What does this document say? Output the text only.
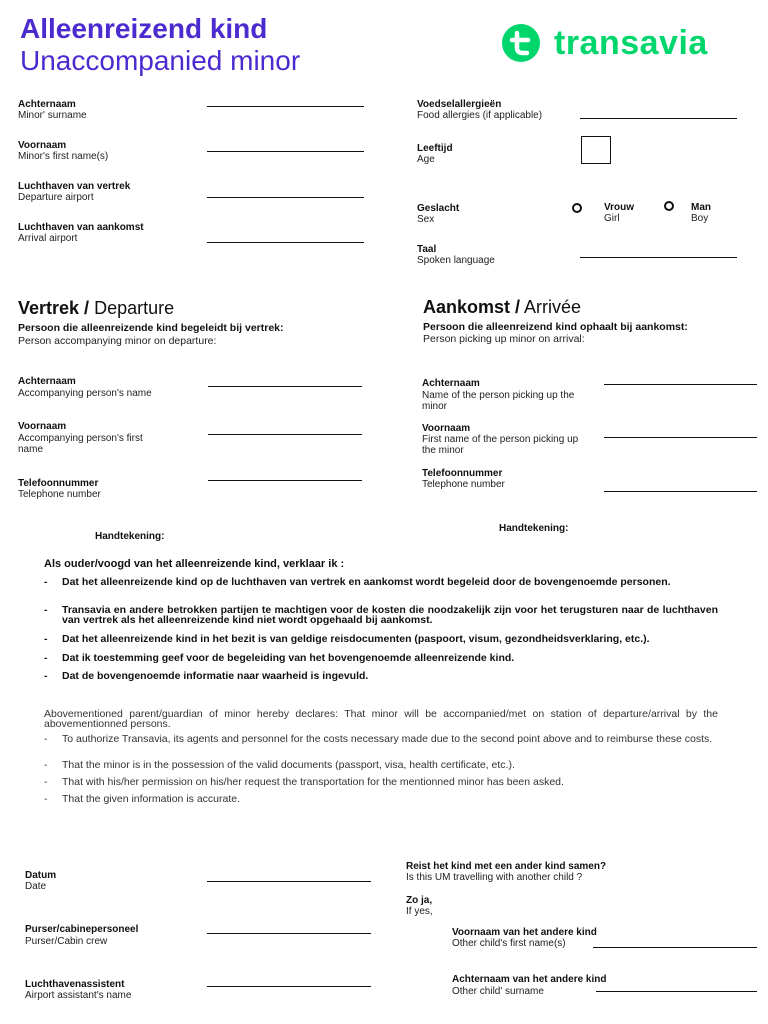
Alleenreizend kind
Unaccompanied minor	transavia
Achternaam
Minor' surname
Voornaam
Minor's first name(s)
Luchthaven van vertrek
Departure airport
Luchthaven van aankomst
Arrival airport
Voedselallergieën
Food allergies (if applicable)
Leeftijd
Age
Geslacht
Sex
Vrouw
Girl
Man
Boy
Taal
Spoken language
Vertrek / Departure
Persoon die alleenreizende kind begeleidt bij vertrek:
Person accompanying minor on departure:
Achternaam
Accompanying person's name
Voornaam
Accompanying person's first name
Telefoonnummer
Telephone number
Handtekening:
Aankomst / Arrivée
Persoon die alleenreizend kind ophaalt bij aankomst:
Person picking up minor on arrival:
Achternaam
Name of the person picking up the minor
Voornaam
First name of the person picking up the minor
Telefoonnummer
Telephone number
Handtekening:
Als ouder/voogd van het alleenreizende kind, verklaar ik :
- Dat het alleenreizende kind op de luchthaven van vertrek en aankomst wordt begeleid door de bovengenoemde personen.
- Transavia en andere betrokken partijen te machtigen voor de kosten die noodzakelijk zijn voor het terugsturen naar de luchthaven van vertrek als het alleenreizende kind niet wordt opgehaald bij aankomst.
- Dat het alleenreizende kind in het bezit is van geldige reisdocumenten (paspoort, visum, gezondheidsverklaring, etc.).
- Dat ik toestemming geef voor de begeleiding van het bovengenoemde alleenreizende kind.
- Dat de bovengenoemde informatie naar waarheid is ingevuld.
Abovementioned parent/guardian of minor hereby declares: That minor will be accompanied/met on station of departure/arrival by the abovementionned persons.
- To authorize Transavia, its agents and personnel for the costs necessary made due to the second point above and to reimburse these costs.
- That the minor is in the possession of the valid documents (passport, visa, health certificate, etc.).
- That with his/her permission on his/her request the transportation for the mentionned minor has been asked.
- That the given information is accurate.
Datum
Date
Purser/cabinepersoneel
Purser/Cabin crew
Luchthavenassistent
Airport assistant's name
Reist het kind met een ander kind samen?
Is this UM travelling with another child ?
Zo ja,
If yes,
Voornaam van het andere kind
Other child's first name(s)
Achternaam van het andere kind
Other child' surname
